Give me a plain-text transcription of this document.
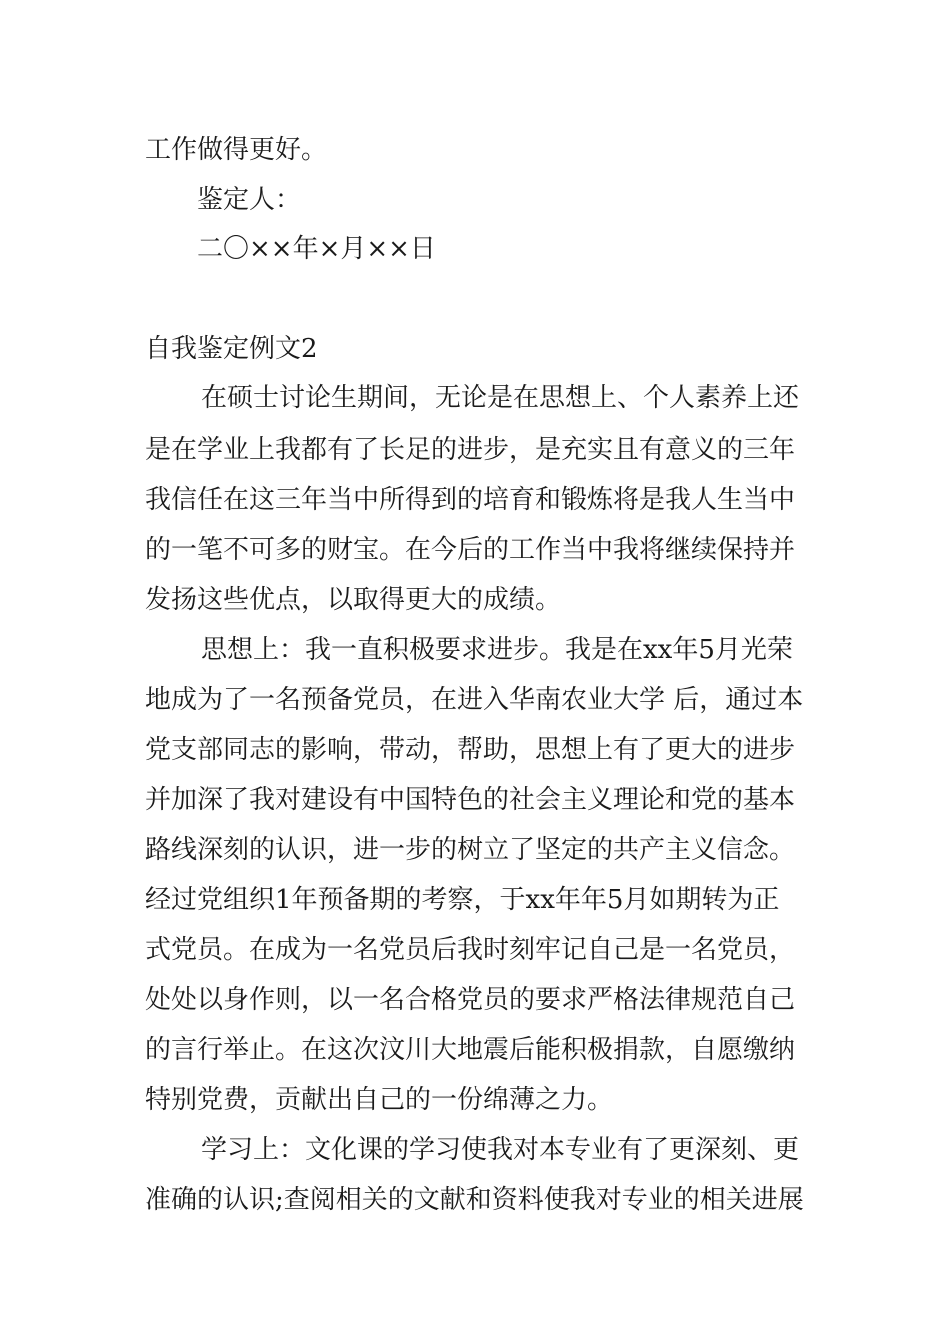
工作做得更好。
鉴定人：
二〇××年×月××日
自我鉴定例文2
在硕士讨论生期间，无论是在思想上、个人素养上还
是在学业上我都有了长足的进步，是充实且有意义的三年
我信任在这三年当中所得到的培育和锻炼将是我人生当中
的一笔不可多的财宝。在今后的工作当中我将继续保持并
发扬这些优点，以取得更大的成绩。
思想上：我一直积极要求进步。我是在xx年5月光荣
地成为了一名预备党员，在进入华南农业大学 后，通过本
党支部同志的影响，带动，帮助，思想上有了更大的进步
并加深了我对建设有中国特色的社会主义理论和党的基本
路线深刻的认识，进一步的树立了坚定的共产主义信念。
经过党组织1年预备期的考察，于xx年年5月如期转为正
式党员。在成为一名党员后我时刻牢记自己是一名党员，
处处以身作则，以一名合格党员的要求严格法律规范自己
的言行举止。在这次汶川大地震后能积极捐款，自愿缴纳
特别党费，贡献出自己的一份绵薄之力。
学习上：文化课的学习使我对本专业有了更深刻、更
准确的认识;查阅相关的文献和资料使我对专业的相关进展
